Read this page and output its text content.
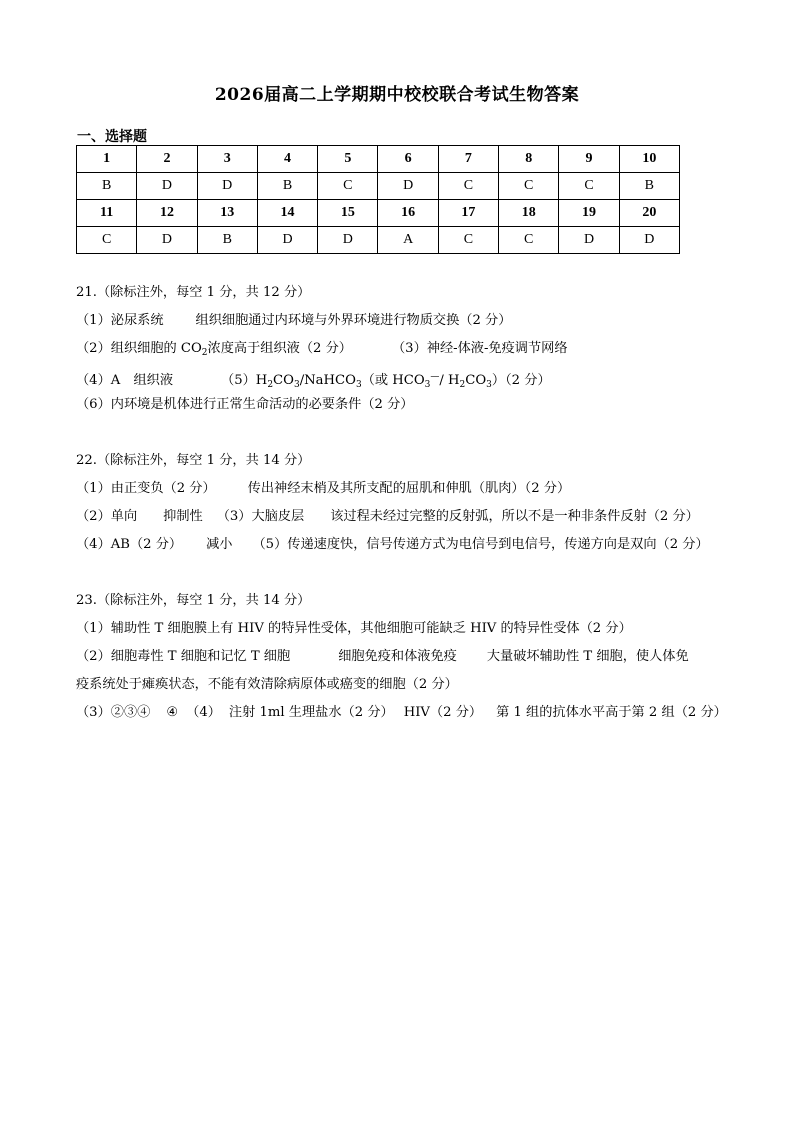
2026届高二上学期期中校校联合考试生物答案
一、选择题
1	2	3	4	5	6	7	8	9	10
B	D	D	B	C	D	C	C	C	B
11	12	13	14	15	16	17	18	19	20
C	D	B	D	D	A	C	C	D	D
21.（除标注外，每空 1 分，共 12 分）
（1）泌尿系统 组织细胞通过内环境与外界环境进行物质交换（2 分）
（2）组织细胞的 $CO_2$浓度高于组织液（2 分）	（3）神经-体液-免疫调节网络
（4）A　组织液	$(5)H_2CO_3/NaHCO_3$（或 $HCO_3^—/$ $H_2CO_3)(2$ 分）
（6）内环境是机体进行正常生命活动的必要条件（2 分）
22.（除标注外，每空 1 分，共 14 分）
（1）由正变负（2 分） 传出神经末梢及其所支配的屈肌和伸肌（肌肉）（2 分）
（2）单向 抑制性 （3）大脑皮层 该过程未经过完整的反射弧，所以不是一种非条件反射（2 分）
（4）AB（2 分） 减小 （5）传递速度快，信号传递方式为电信号到电信号，传递方向是双向（2 分）
23.（除标注外，每空 1 分，共 14 分）
（1）辅助性 T 细胞膜上有 HIV 的特异性受体，其他细胞可能缺乏 HIV 的特异性受体（2 分）
（2）细胞毒性 T 细胞和记忆 T 细胞	细胞免疫和体液免疫 大量破坏辅助性 T 细胞，使人体免
疫系统处于瘫痪状态，不能有效清除病原体或癌变的细胞（2 分）
（3）②③④ ④ （4） 注射 1ml 生理盐水（2 分） HIV（2 分） 第 1 组的抗体水平高于第 2 组（2 分）
